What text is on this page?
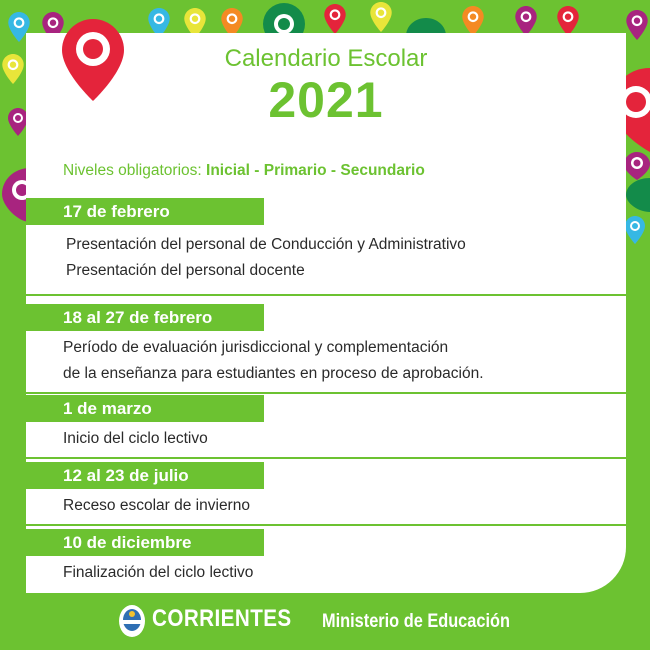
Calendario Escolar
2021
Niveles obligatorios: Inicial - Primario - Secundario
17 de febrero
Presentación del personal de Conducción y Administrativo
Presentación del personal docente
18 al 27 de febrero
Período de evaluación jurisdiccional y complementación
de la enseñanza para estudiantes en proceso de aprobación.
1 de marzo
Inicio del ciclo lectivo
12 al 23 de julio
Receso escolar de invierno
10 de diciembre
Finalización del ciclo lectivo
CORRIENTES Ministerio de Educación
